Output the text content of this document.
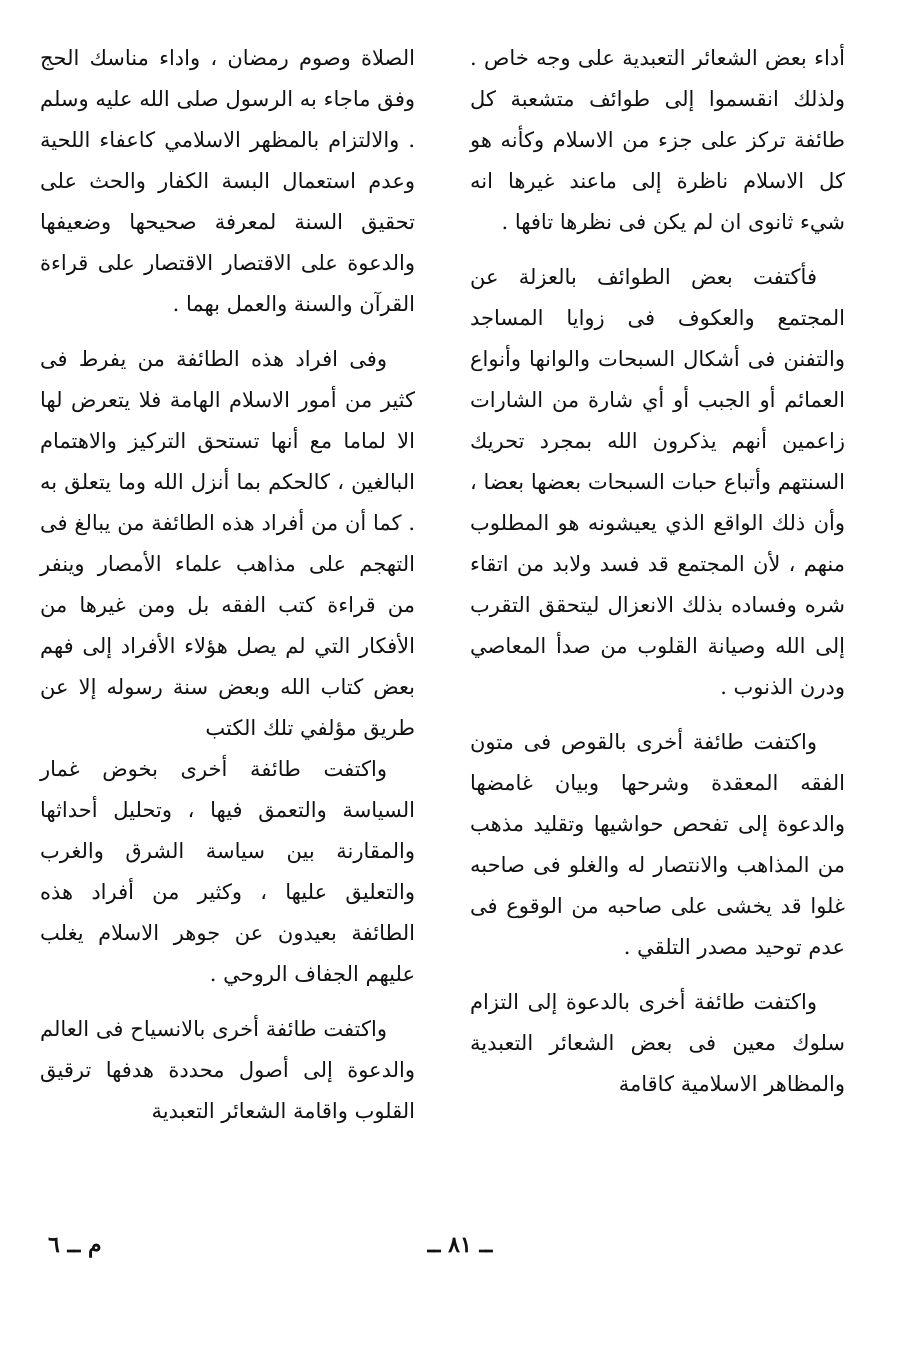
أداء بعض الشعائر التعبدية على وجه خاص . ولذلك انقسموا إلى طوائف متشعبة كل طائفة تركز على جزء من الاسلام وكأنه هو كل الاسلام ناظرة إلى ماعند غيرها انه شيء ثانوى ان لم يكن فى نظرها تافها .

فأكتفت بعض الطوائف بالعزلة عن المجتمع والعكوف فى زوايا المساجد والتفنن فى أشكال السبحات والوانها وأنواع العمائم أو الجبب أو أي شارة من الشارات زاعمين أنهم يذكرون الله بمجرد تحريك السنتهم وأتباع حبات السبحات بعضها بعضا ، وأن ذلك الواقع الذي يعيشونه هو المطلوب منهم ، لأن المجتمع قد فسد ولابد من اتقاء شره وفساده بذلك الانعزال ليتحقق التقرب إلى الله وصيانة القلوب من صدأ المعاصي ودرن الذنوب .

واكتفت طائفة أخرى بالقوص فى متون الفقه المعقدة وشرحها وبيان غامضها والدعوة إلى تفحص حواشيها وتقليد مذهب من المذاهب والانتصار له والغلو فى صاحبه غلوا قد يخشى على صاحبه من الوقوع فى عدم توحيد مصدر التلقي .

واكتفت طائفة أخرى بالدعوة إلى التزام سلوك معين فى بعض الشعائر التعبدية والمظاهر الاسلامية كاقامة

الصلاة وصوم رمضان ، واداء مناسك الحج وفق ماجاء به الرسول صلى الله عليه وسلم . والالتزام بالمظهر الاسلامي كاعفاء اللحية وعدم استعمال البسة الكفار والحث على تحقيق السنة لمعرفة صحيحها وضعيفها والدعوة على الاقتصار الاقتصار على قراءة القرآن والسنة والعمل بهما .

وفى افراد هذه الطائفة من يفرط فى كثير من أمور الاسلام الهامة فلا يتعرض لها الا لماما مع أنها تستحق التركيز والاهتمام البالغين ، كالحكم بما أنزل الله وما يتعلق به . كما أن من أفراد هذه الطائفة من يبالغ فى التهجم على مذاهب علماء الأمصار وينفر من قراءة كتب الفقه بل ومن غيرها من الأفكار التي لم يصل هؤلاء الأفراد إلى فهم بعض كتاب الله وبعض سنة رسوله إلا عن طريق مؤلفي تلك الكتب

واكتفت طائفة أخرى بخوض غمار السياسة والتعمق فيها ، وتحليل أحداثها والمقارنة بين سياسة الشرق والغرب والتعليق عليها ، وكثير من أفراد هذه الطائفة بعيدون عن جوهر الاسلام يغلب عليهم الجفاف الروحي .

واكتفت طائفة أخرى بالانسياح فى العالم والدعوة إلى أصول محددة هدفها ترقيق القلوب واقامة الشعائر التعبدية

ــ ٨١ ــ
م ــ ٦
